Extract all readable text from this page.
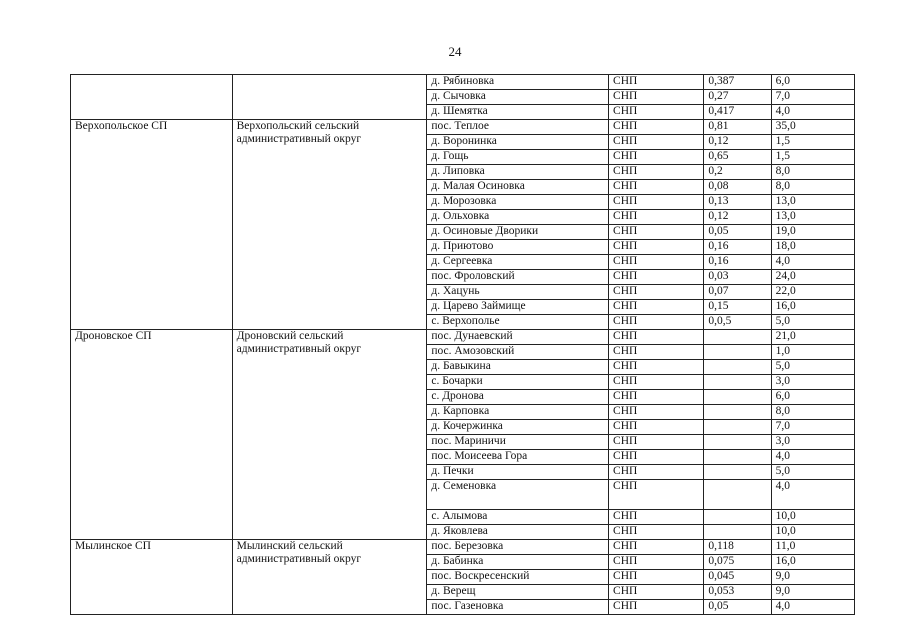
24
		д. Рябиновка	СНП	0,387	6,0
		д. Сычовка	СНП	0,27	7,0
		д. Шемятка	СНП	0,417	4,0
Верхопольское СП	Верхопольский сельский административный округ	пос. Теплое	СНП	0,81	35,0
		д. Воронинка	СНП	0,12	1,5
		д. Гощь	СНП	0,65	1,5
		д. Липовка	СНП	0,2	8,0
		д. Малая Осиновка	СНП	0,08	8,0
		д. Морозовка	СНП	0,13	13,0
		д. Ольховка	СНП	0,12	13,0
		д. Осиновые Дворики	СНП	0,05	19,0
		д. Приютово	СНП	0,16	18,0
		д. Сергеевка	СНП	0,16	4,0
		пос. Фроловский	СНП	0,03	24,0
		д. Хацунь	СНП	0,07	22,0
		д. Царево Займище	СНП	0,15	16,0
		с. Верхополье	СНП	0,0,5	5,0
Дроновское СП	Дроновский сельский административный округ	пос. Дунаевский	СНП		21,0
		пос. Амозовский	СНП		1,0
		д. Бавыкина	СНП		5,0
		с. Бочарки	СНП		3,0
		с. Дронова	СНП		6,0
		д. Карповка	СНП		8,0
		д. Кочержинка	СНП		7,0
		пос. Мариничи	СНП		3,0
		пос. Моисеева Гора	СНП		4,0
		д. Печки	СНП		5,0
		д. Семеновка	СНП		4,0
		с. Алымова	СНП		10,0
		д. Яковлева	СНП		10,0
Мылинское СП	Мылинский сельский административный округ	пос. Березовка	СНП	0,118	11,0
		д. Бабинка	СНП	0,075	16,0
		пос. Воскресенский	СНП	0,045	9,0
		д. Верещ	СНП	0,053	9,0
		пос. Газеновка	СНП	0,05	4,0
